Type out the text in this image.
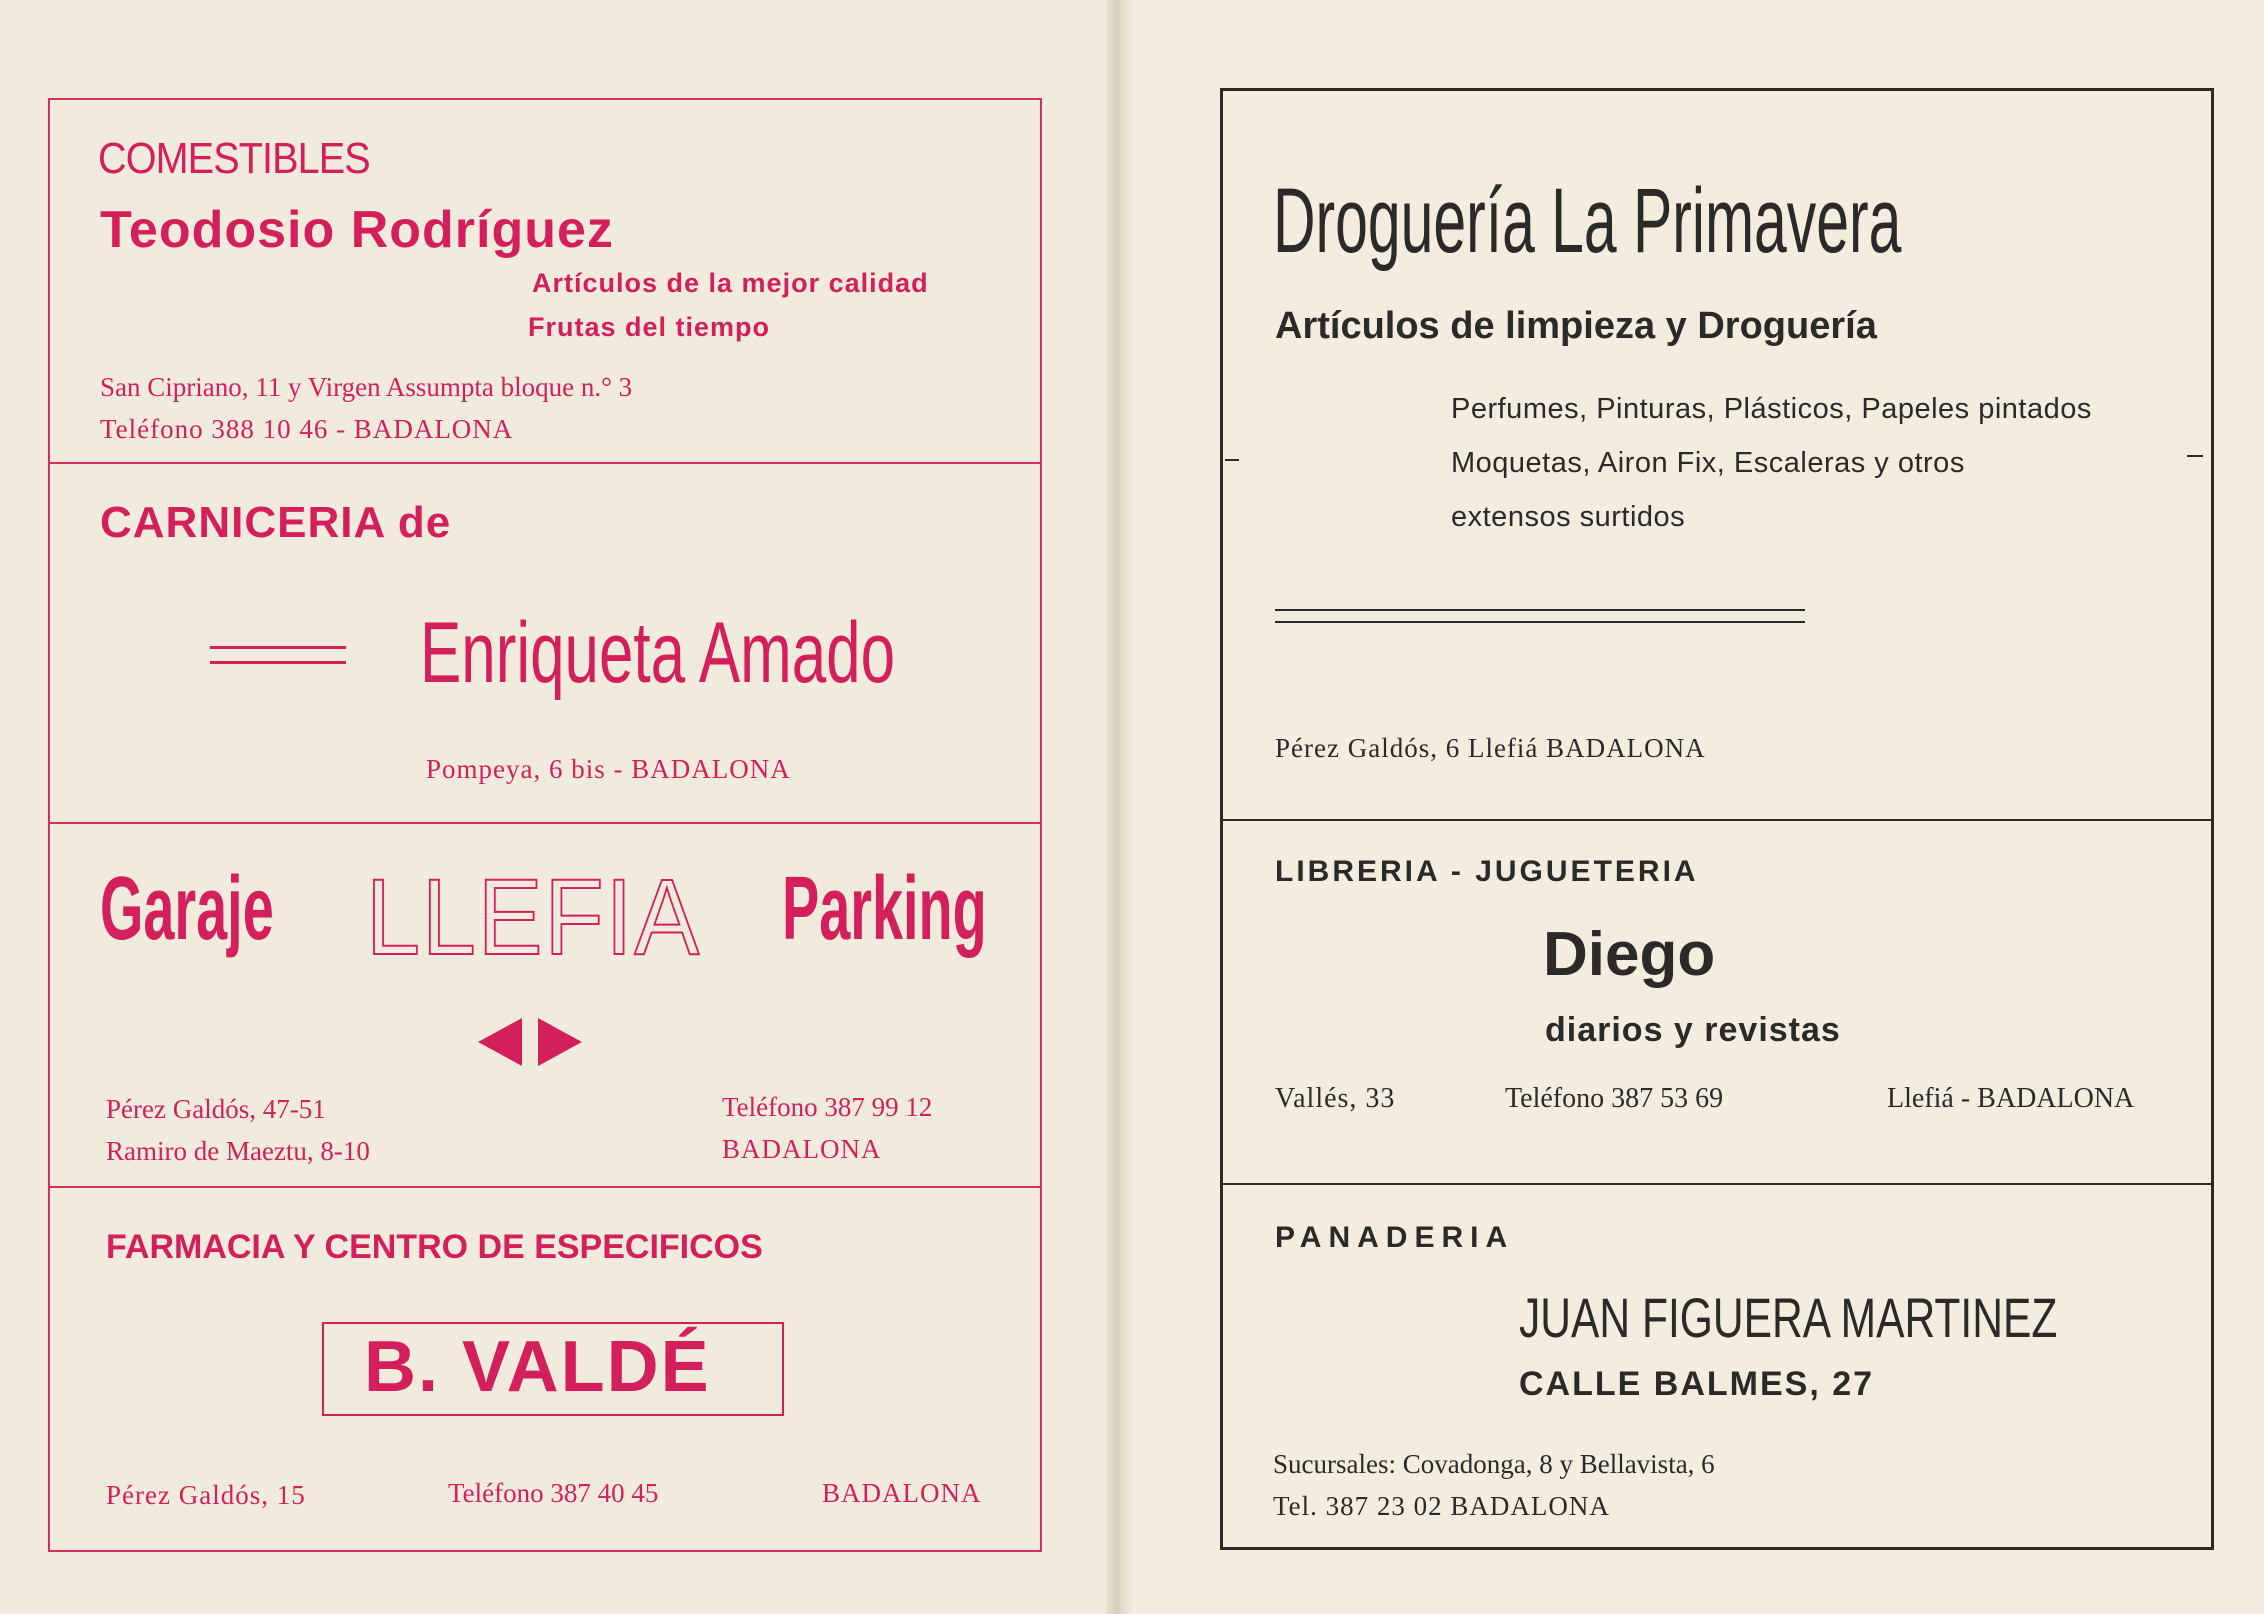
COMESTIBLES
Teodosio Rodríguez
Artículos de la mejor calidad
Frutas del tiempo
San Cipriano, 11 y Virgen Assumpta bloque n.° 3
Teléfono 388 10 46 - BADALONA
CARNICERIA de
Enriqueta Amado
Pompeya, 6 bis - BADALONA
Garaje LLEFIA Parking
Pérez Galdós, 47-51
Ramiro de Maeztu, 8-10
Teléfono 387 99 12
BADALONA
FARMACIA Y CENTRO DE ESPECIFICOS
B. VALDÉ
Pérez Galdós, 15	Teléfono 387 40 45	BADALONA
Droguería La Primavera
Artículos de limpieza y Droguería
Perfumes, Pinturas, Plásticos, Papeles pintados
Moquetas, Airon Fix, Escaleras y otros
extensos surtidos
Pérez Galdós, 6 Llefiá BADALONA
LIBRERIA - JUGUETERIA
Diego
diarios y revistas
Vallés, 33	Teléfono 387 53 69	Llefiá - BADALONA
PANADERIA
JUAN FIGUERA MARTINEZ
CALLE BALMES, 27
Sucursales: Covadonga, 8 y Bellavista, 6
Tel. 387 23 02 BADALONA
